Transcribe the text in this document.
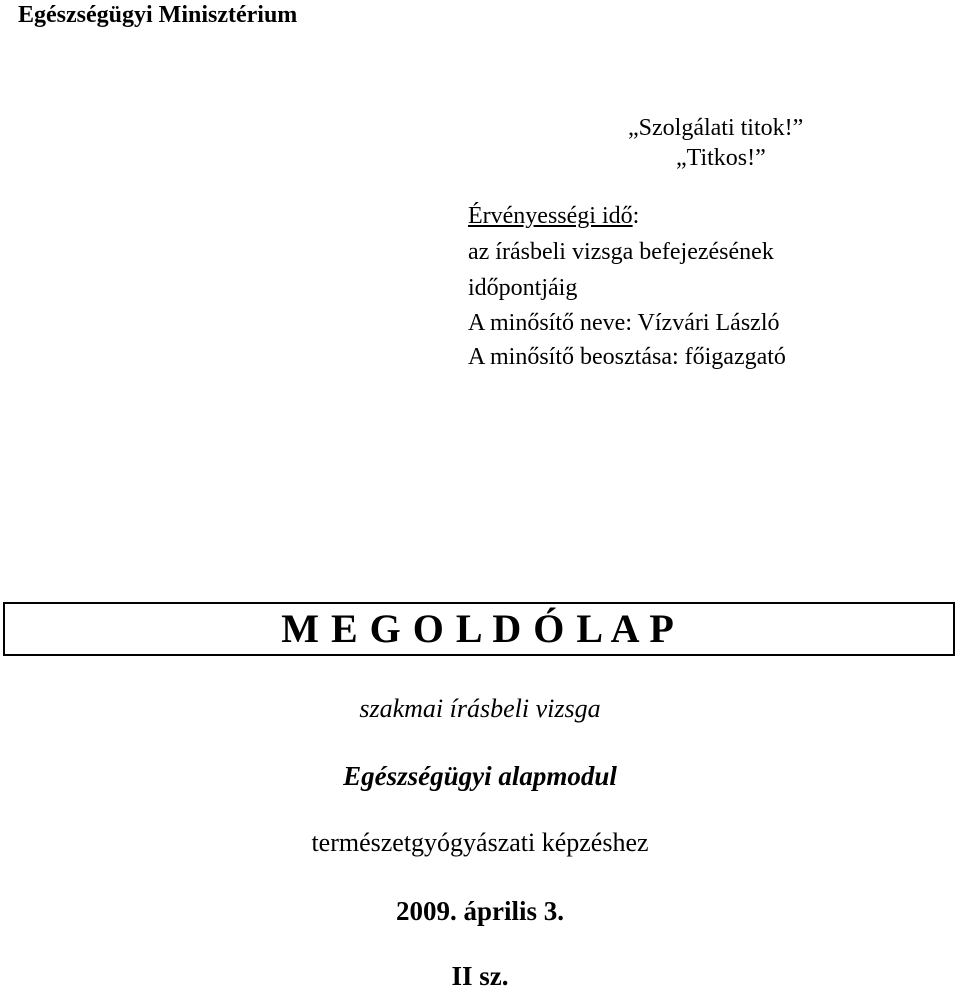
Egészségügyi Minisztérium
„Szolgálati titok!”
„Titkos!”
Érvényességi idő:
az írásbeli vizsga befejezésének
időpontjáig
A minősítő neve: Vízvári László
A minősítő beosztása: főigazgató
M E G O L D Ó L A P
szakmai írásbeli vizsga
Egészségügyi alapmodul
természetgyógyászati képzéshez
2009. április 3.
II sz.
